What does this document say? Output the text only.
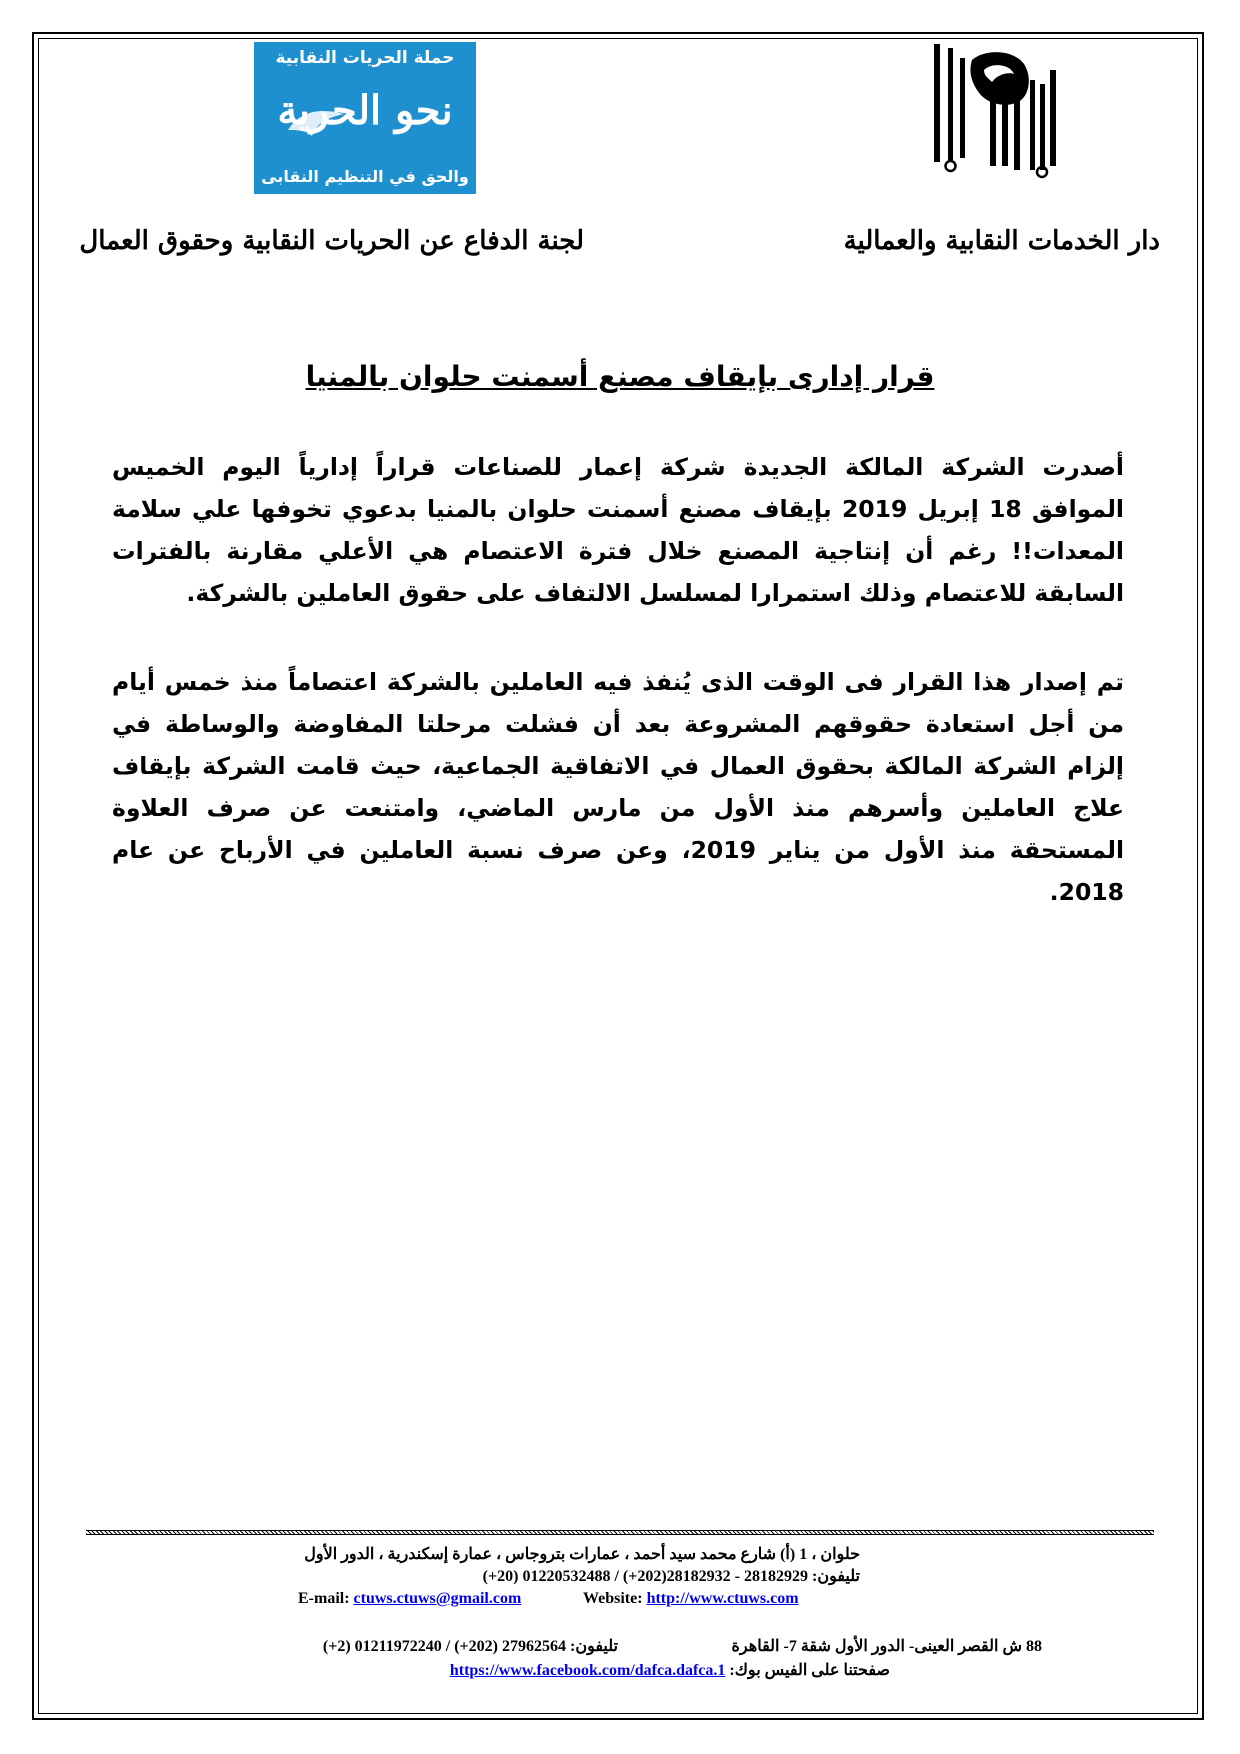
حملة الحريات النقابية
نحو الحرية
والحق في التنظيم النقابى
لجنة الدفاع عن الحريات النقابية وحقوق العمال	دار الخدمات النقابية والعمالية
قرار إدارى بإيقاف مصنع أسمنت حلوان بالمنيا
أصدرت الشركة المالكة الجديدة شركة إعمار للصناعات قراراً إدارياً اليوم الخميس الموافق 18 إبريل 2019 بإيقاف مصنع أسمنت حلوان بالمنيا بدعوي تخوفها علي سلامة المعدات!! رغم أن إنتاجية المصنع خلال فترة الاعتصام هي الأعلي مقارنة بالفترات السابقة للاعتصام وذلك استمرارا لمسلسل الالتفاف على حقوق العاملين بالشركة.
تم إصدار هذا القرار فى الوقت الذى يُنفذ فيه العاملين بالشركة اعتصاماً منذ خمس أيام من أجل استعادة حقوقهم المشروعة بعد أن فشلت مرحلتا المفاوضة والوساطة في إلزام الشركة المالكة بحقوق العمال في الاتفاقية الجماعية، حيث قامت الشركة بإيقاف علاج العاملين وأسرهم منذ الأول من مارس الماضي، وامتنعت عن صرف العلاوة المستحقة منذ الأول من يناير 2019، وعن صرف نسبة العاملين في الأرباح عن عام 2018.
حلوان ، 1 (أ) شارع محمد سيد أحمد ، عمارات بتروجاس ، عمارة إسكندرية ، الدور الأول
تليفون: 28182929 - 28182932(202+) / 01220532488 (20+)
E-mail: ctuws.ctuws@gmail.com	Website: http://www.ctuws.com
88 ش القصر العينى- الدور الأول شقة 7- القاهرة
تليفون: 27962564 (202+) / 01211972240 (2+)
صفحتنا على الفيس بوك: https://www.facebook.com/dafca.dafca.1
